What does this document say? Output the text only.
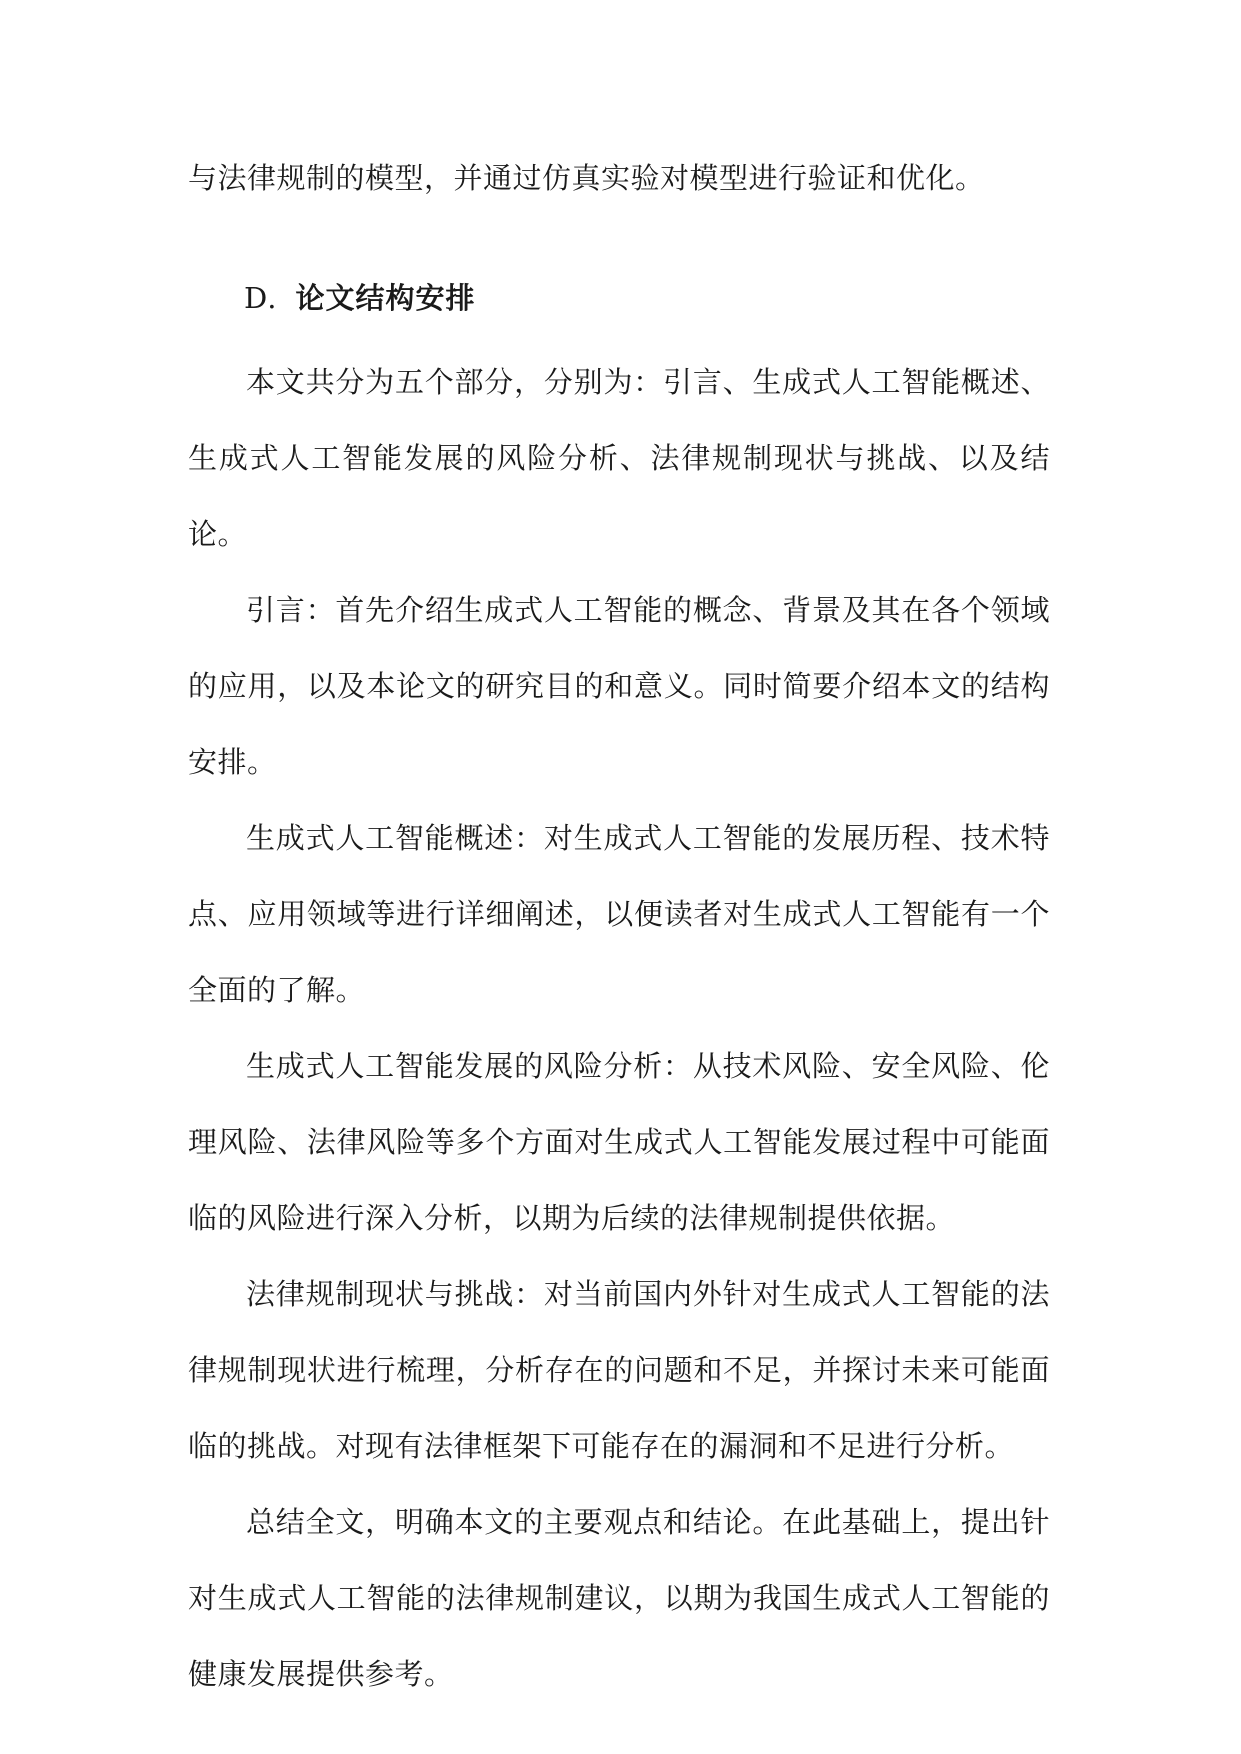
与法律规制的模型，并通过仿真实验对模型进行验证和优化。

D. 论文结构安排

本文共分为五个部分，分别为：引言、生成式人工智能概述、生成式人工智能发展的风险分析、法律规制现状与挑战、以及结论。

引言：首先介绍生成式人工智能的概念、背景及其在各个领域的应用，以及本论文的研究目的和意义。同时简要介绍本文的结构安排。

生成式人工智能概述：对生成式人工智能的发展历程、技术特点、应用领域等进行详细阐述，以便读者对生成式人工智能有一个全面的了解。

生成式人工智能发展的风险分析：从技术风险、安全风险、伦理风险、法律风险等多个方面对生成式人工智能发展过程中可能面临的风险进行深入分析，以期为后续的法律规制提供依据。

法律规制现状与挑战：对当前国内外针对生成式人工智能的法律规制现状进行梳理，分析存在的问题和不足，并探讨未来可能面临的挑战。对现有法律框架下可能存在的漏洞和不足进行分析。

总结全文，明确本文的主要观点和结论。在此基础上，提出针对生成式人工智能的法律规制建议，以期为我国生成式人工智能的健康发展提供参考。
